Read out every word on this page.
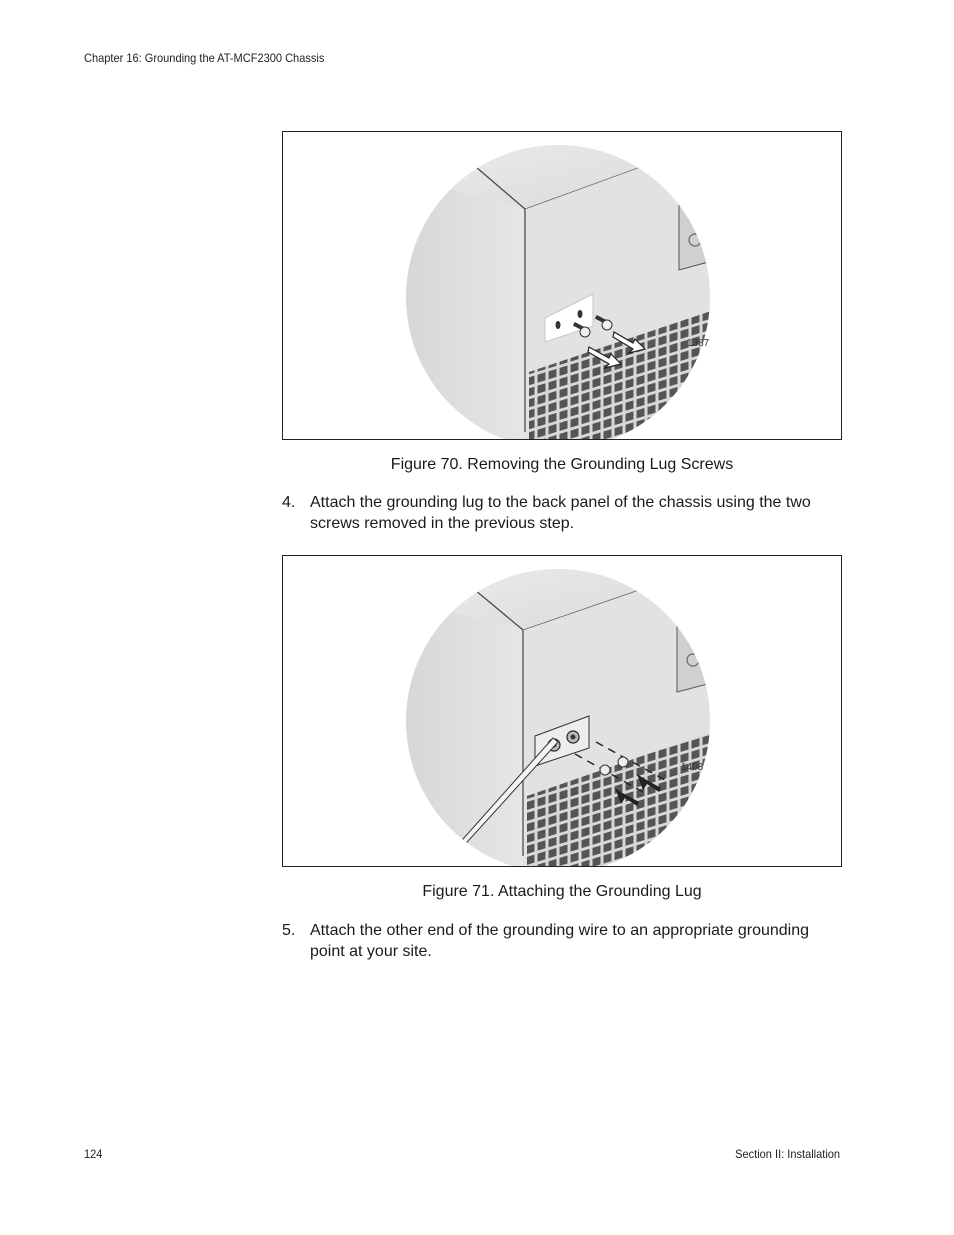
Chapter 16: Grounding the AT-MCF2300 Chassis
1387
Figure 70. Removing the Grounding Lug Screws
4. Attach the grounding lug to the back panel of the chassis using the two screws removed in the previous step.
1408
Figure 71. Attaching the Grounding Lug
5. Attach the other end of the grounding wire to an appropriate grounding point at your site.
124	Section II: Installation
